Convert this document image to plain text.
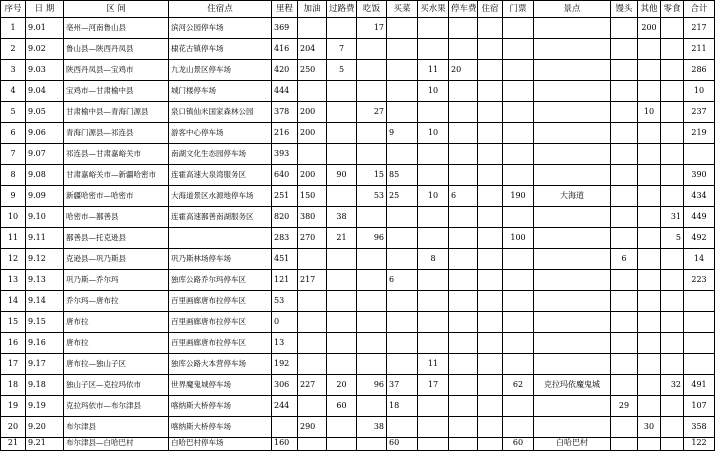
序号	日 期	区 间	住宿点	里程	加油	过路费	吃饭	买菜	买水果	停车费	住宿	门票	景点	馒头	其他	零食	合计
1	9.01	亳州—河南鲁山县	滨河公园停车场	369			17								200		217
2	9.02	鲁山县—陕西丹凤县	棣花古镇停车场	416	204	7											211
3	9.03	陕西丹凤县—宝鸡市	九龙山景区停车场	420	250	5			11	20							286
4	9.04	宝鸡市—甘肃榆中县	城门楼停车场	444					10								10
5	9.05	甘肃榆中县—青海门源县	泉口镇仙米国家森林公园	378	200		27								10		237
6	9.06	青海门源县—祁连县	游客中心停车场	216	200			9	10								219
7	9.07	祁连县—甘肃嘉峪关市	南湖文化生态园停车场	393													
8	9.08	甘肃嘉峪关市—新疆哈密市	连霍高速大泉湾服务区	640	200	90	15	85									390
9	9.09	新疆哈密市—哈密市	大海道景区水源地停车场	251	150		53	25	10	6		190	大海道				434
10	9.10	哈密市—鄯善县	连霍高速鄯善南湖服务区	820	380	38										31	449
11	9.11	鄯善县—托克逊县		283	270	21	96					100				5	492
12	9.12	克逊县—巩乃斯县	巩乃斯林场停车场	451					8					6			14
13	9.13	巩乃斯—乔尔玛	独库公路乔尔玛停车区	121	217			6									223
14	9.14	乔尔玛—唐布拉	百里画廊唐布拉停车区	53													
15	9.15	唐布拉	百里画廊唐布拉停车区	0													
16	9.16	唐布拉	百里画廊唐布拉停车区	13													
17	9.17	唐布拉—独山子区	独库公路大本营停车场	192					11								
18	9.18	独山子区—克拉玛依市	世界魔鬼城停车场	306	227	20	96	37	17			62	克拉玛依魔鬼城			32	491
19	9.19	克拉玛依市—布尔津县	喀纳斯大桥停车场	244		60		18						29			107
20	9.20	布尔津县	喀纳斯大桥停车场		290		38								30		358
21	9.21	布尔津县—白哈巴村	白哈巴村停车场	160				60				60	白哈巴村				122
